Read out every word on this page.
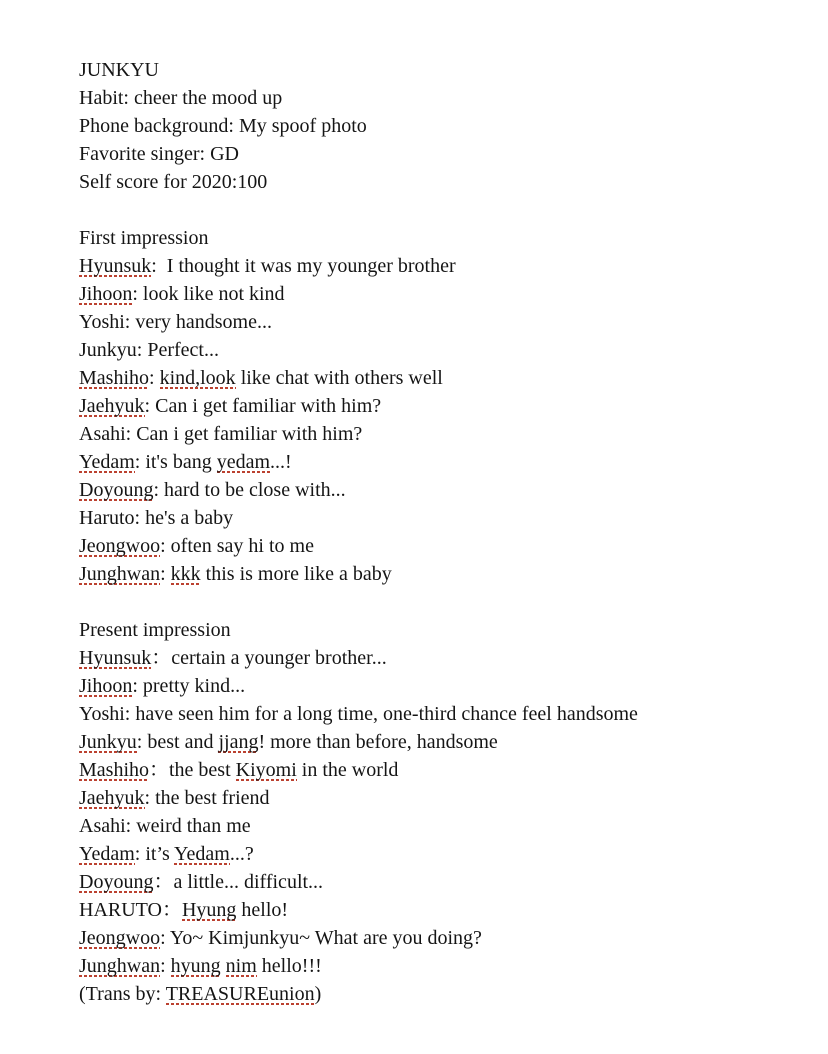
JUNKYU

Habit: cheer the mood up

Phone background: My spoof photo

Favorite singer: GD

Self score for 2020:100

First impression

Hyunsuk:  I thought it was my younger brother

Jihoon: look like not kind

Yoshi: very handsome...

Junkyu: Perfect...

Mashiho: kind,look like chat with others well

Jaehyuk: Can i get familiar with him?

Asahi: Can i get familiar with him?

Yedam: it's bang yedam...!

Doyoung: hard to be close with...

Haruto: he's a baby

Jeongwoo: often say hi to me

Junghwan: kkk this is more like a baby

Present impression

Hyunsuk：certain a younger brother...

Jihoon: pretty kind...

Yoshi: have seen him for a long time, one-third chance feel handsome

Junkyu: best and jjang! more than before, handsome

Mashiho：the best Kiyomi in the world

Jaehyuk: the best friend

Asahi: weird than me

Yedam: it’s Yedam...?

Doyoung：a little... difficult...

HARUTO：Hyung hello!

Jeongwoo: Yo~ Kimjunkyu~ What are you doing?

Junghwan: hyung nim hello!!!

(Trans by: TREASUREunion)
